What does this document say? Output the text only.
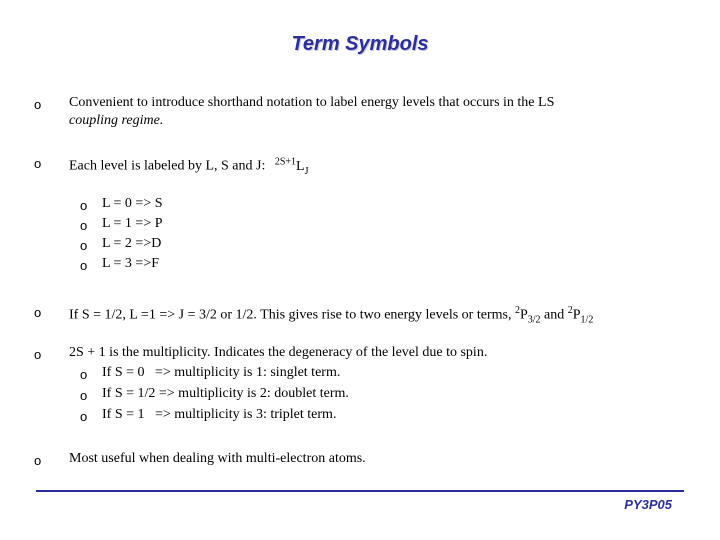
Term Symbols
o Convenient to introduce shorthand notation to label energy levels that occurs in the LS
coupling regime.
o Each level is labeled by L, S and J: $^{2S+1}L_J$
o L = 0 => S
o L = 1 => P
o L = 2 =>D
o L = 3 =>F
o If S = 1/2, L =1 => J = 3/2 or 1/2. This gives rise to two energy levels or terms, $^2P_{3/2}$ and $^2P_{1/2}$
o 2S + 1 is the multiplicity. Indicates the degeneracy of the level due to spin.
o If S = 0   => multiplicity is 1: singlet term.
o If S = 1/2 => multiplicity is 2: doublet term.
o If S = 1   => multiplicity is 3: triplet term.
o Most useful when dealing with multi-electron atoms.
PY3P05
